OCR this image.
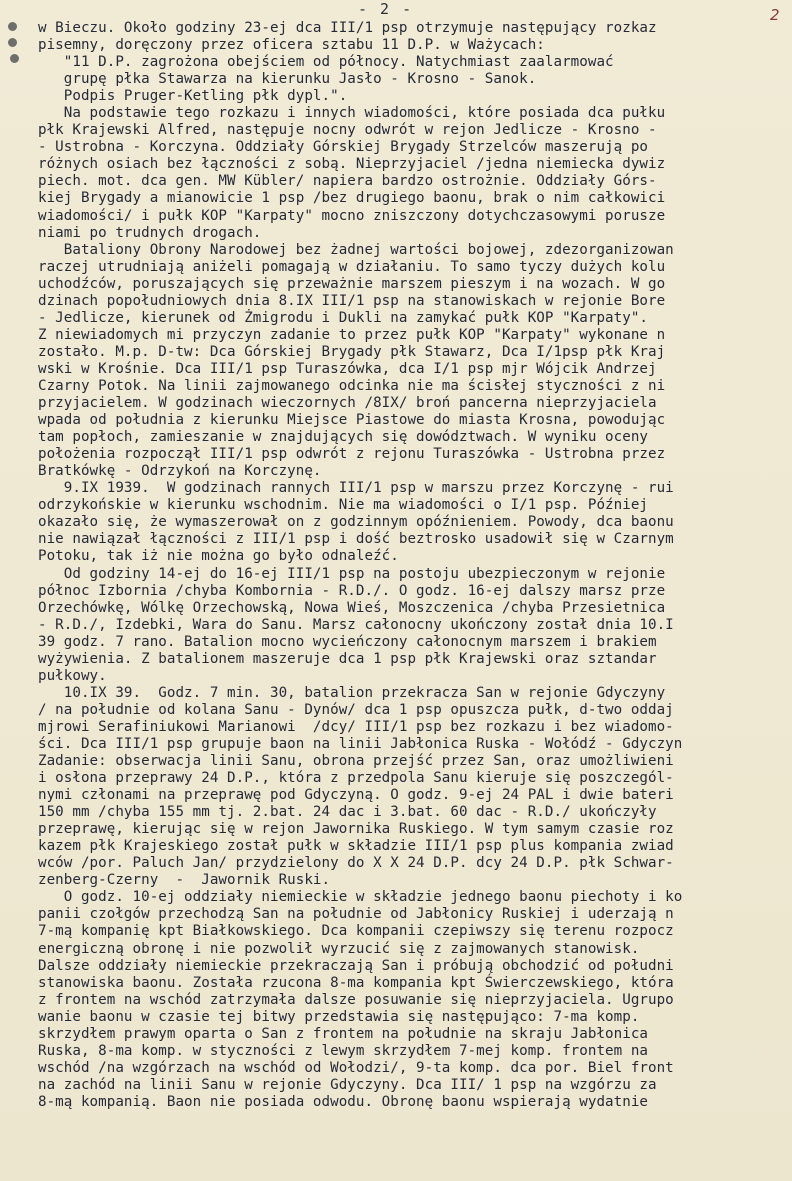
- 2 -	2
w Bieczu. Około godziny 23-ej dca III/1 psp otrzymuje następujący rozkaz
pisemny, doręczony przez oficera sztabu 11 D.P. w Ważycach:
"11 D.P. zagrożona obejściem od północy. Natychmiast zaalarmować
grupę płka Stawarza na kierunku Jasło - Krosno - Sanok.
Podpis Pruger-Ketling płk dypl.".
Na podstawie tego rozkazu i innych wiadomości, które posiada dca pułku
płk Krajewski Alfred, następuje nocny odwrót w rejon Jedlicze - Krosno -
- Ustrobna - Korczyna. Oddziały Górskiej Brygady Strzelców maszerują po
różnych osiach bez łączności z sobą. Nieprzyjaciel /jedna niemiecka dywiz
piech. mot. dca gen. MW Kübler/ napiera bardzo ostrożnie. Oddziały Górs-
kiej Brygady a mianowicie 1 psp /bez drugiego baonu, brak o nim całkowici
wiadomości/ i pułk KOP "Karpaty" mocno zniszczony dotychczasowymi porusze
niami po trudnych drogach.
Bataliony Obrony Narodowej bez żadnej wartości bojowej, zdezorganizowan
raczej utrudniają aniżeli pomagają w działaniu. To samo tyczy dużych kolu
uchodźców, poruszających się przeważnie marszem pieszym i na wozach. W go
dzinach popołudniowych dnia 8.IX III/1 psp na stanowiskach w rejonie Bore
- Jedlicze, kierunek od Żmigrodu i Dukli na zamykać pułk KOP "Karpaty".
Z niewiadomych mi przyczyn zadanie to przez pułk KOP "Karpaty" wykonane n
zostało. M.p. D-tw: Dca Górskiej Brygady płk Stawarz, Dca I/1psp płk Kraj
wski w Krośnie. Dca III/1 psp Turaszówka, dca I/1 psp mjr Wójcik Andrzej
Czarny Potok. Na linii zajmowanego odcinka nie ma ścisłej styczności z ni
przyjacielem. W godzinach wieczornych /8IX/ broń pancerna nieprzyjaciela
wpada od południa z kierunku Miejsce Piastowe do miasta Krosna, powodując
tam popłoch, zamieszanie w znajdujących się dowództwach. W wyniku oceny
położenia rozpoczął III/1 psp odwrót z rejonu Turaszówka - Ustrobna przez
Bratkówkę - Odrzykoń na Korczynę.
9.IX 1939.  W godzinach rannych III/1 psp w marszu przez Korczynę - rui
odrzykońskie w kierunku wschodnim. Nie ma wiadomości o I/1 psp. Później
okazało się, że wymaszerował on z godzinnym opóźnieniem. Powody, dca baonu
nie nawiązał łączności z III/1 psp i dość beztrosko usadowił się w Czarnym
Potoku, tak iż nie można go było odnaleźć.
Od godziny 14-ej do 16-ej III/1 psp na postoju ubezpieczonym w rejonie
północ Izbornia /chyba Kombornia - R.D./. O godz. 16-ej dalszy marsz prze
Orzechówkę, Wólkę Orzechowską, Nowa Wieś, Moszczenica /chyba Przesietnica
- R.D./, Izdebki, Wara do Sanu. Marsz całonocny ukończony został dnia 10.I
39 godz. 7 rano. Batalion mocno wycieńczony całonocnym marszem i brakiem
wyżywienia. Z batalionem maszeruje dca 1 psp płk Krajewski oraz sztandar
pułkowy.
10.IX 39.  Godz. 7 min. 30, batalion przekracza San w rejonie Gdyczyny
/ na południe od kolana Sanu - Dynów/ dca 1 psp opuszcza pułk, d-two oddaj
mjrowi Serafiniukowi Marianowi  /dcy/ III/1 psp bez rozkazu i bez wiadomo-
ści. Dca III/1 psp grupuje baon na linii Jabłonica Ruska - Wołódź - Gdyczyn
Zadanie: obserwacja linii Sanu, obrona przejść przez San, oraz umożliwieni
i osłona przeprawy 24 D.P., która z przedpola Sanu kieruje się poszczegól-
nymi członami na przeprawę pod Gdyczyną. O godz. 9-ej 24 PAL i dwie bateri
150 mm /chyba 155 mm tj. 2.bat. 24 dac i 3.bat. 60 dac - R.D./ ukończyły
przeprawę, kierując się w rejon Jawornika Ruskiego. W tym samym czasie roz
kazem płk Krajeskiego został pułk w składzie III/1 psp plus kompania zwiad
wców /por. Paluch Jan/ przydzielony do X X 24 D.P. dcy 24 D.P. płk Schwar-
zenberg-Czerny  -  Jawornik Ruski.
O godz. 10-ej oddziały niemieckie w składzie jednego baonu piechoty i ko
panii czołgów przechodzą San na południe od Jabłonicy Ruskiej i uderzają n
7-mą kompanię kpt Białkowskiego. Dca kompanii czepiwszy się terenu rozpocz
energiczną obronę i nie pozwolił wyrzucić się z zajmowanych stanowisk.
Dalsze oddziały niemieckie przekraczają San i próbują obchodzić od południ
stanowiska baonu. Została rzucona 8-ma kompania kpt Świerczewskiego, która
z frontem na wschód zatrzymała dalsze posuwanie się nieprzyjaciela. Ugrupo
wanie baonu w czasie tej bitwy przedstawia się następująco: 7-ma komp.
skrzydłem prawym oparta o San z frontem na południe na skraju Jabłonica
Ruska, 8-ma komp. w styczności z lewym skrzydłem 7-mej komp. frontem na
wschód /na wzgórzach na wschód od Wołodzi/, 9-ta komp. dca por. Biel front
na zachód na linii Sanu w rejonie Gdyczyny. Dca III/ 1 psp na wzgórzu za
8-mą kompanią. Baon nie posiada odwodu. Obronę baonu wspierają wydatnie
